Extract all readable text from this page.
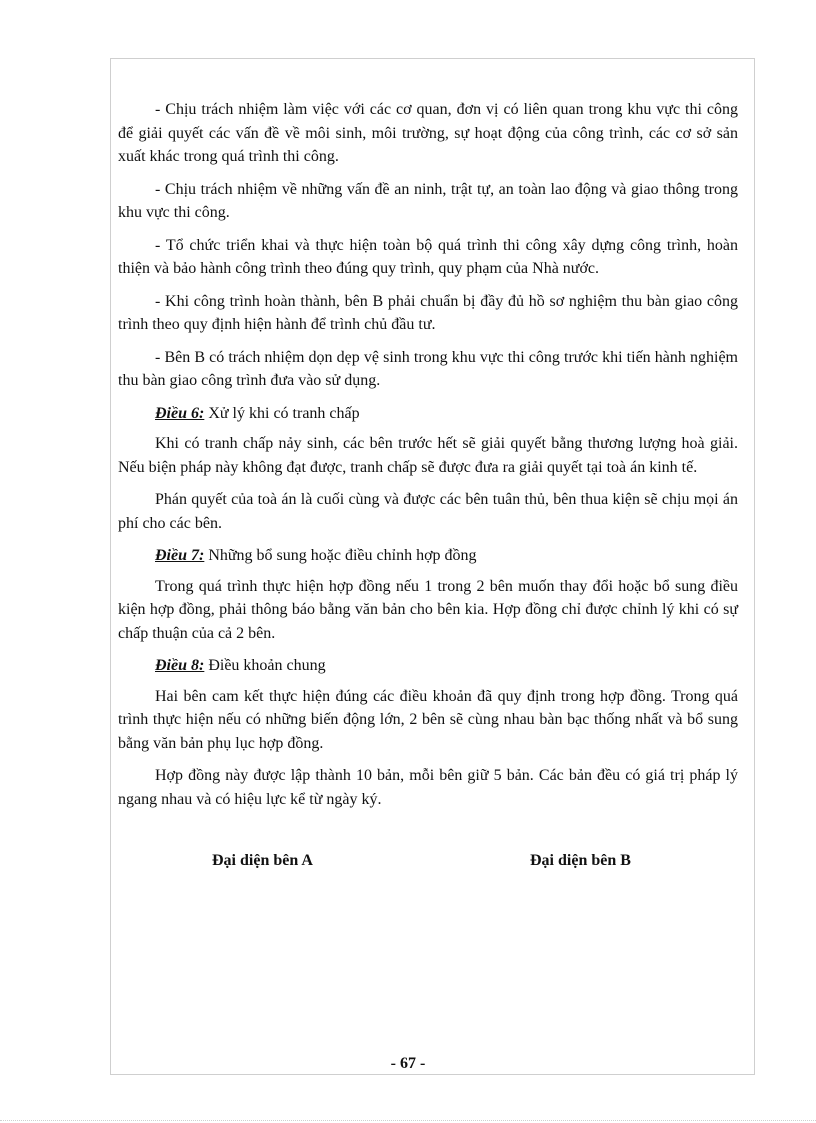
- Chịu trách nhiệm làm việc với các cơ quan, đơn vị có liên quan trong khu vực thi công để giải quyết các vấn đề về môi sinh, môi trường, sự hoạt động của công trình, các cơ sở sản xuất khác trong quá trình thi công.

- Chịu trách nhiệm về những vấn đề an ninh, trật tự, an toàn lao động và giao thông trong khu vực thi công.

- Tổ chức triển khai và thực hiện toàn bộ quá trình thi công xây dựng công trình, hoàn thiện và bảo hành công trình theo đúng quy trình, quy phạm của Nhà nước.

- Khi công trình hoàn thành, bên B phải chuẩn bị đầy đủ hồ sơ nghiệm thu bàn giao công trình theo quy định hiện hành để trình chủ đầu tư.

- Bên B có trách nhiệm dọn dẹp vệ sinh trong khu vực thi công trước khi tiến hành nghiệm thu bàn giao công trình đưa vào sử dụng.

Điều 6: Xử lý khi có tranh chấp

Khi có tranh chấp nảy sinh, các bên trước hết sẽ giải quyết bằng thương lượng hoà giải. Nếu biện pháp này không đạt được, tranh chấp sẽ được đưa ra giải quyết tại toà án kinh tế.

Phán quyết của toà án là cuối cùng và được các bên tuân thủ, bên thua kiện sẽ chịu mọi án phí cho các bên.

Điều 7: Những bổ sung hoặc điều chỉnh hợp đồng

Trong quá trình thực hiện hợp đồng nếu 1 trong 2 bên muốn thay đổi hoặc bổ sung điều kiện hợp đồng, phải thông báo bằng văn bản cho bên kia. Hợp đồng chỉ được chỉnh lý khi có sự chấp thuận của cả 2 bên.

Điều 8: Điều khoản chung

Hai bên cam kết thực hiện đúng các điều khoản đã quy định trong hợp đồng. Trong quá trình thực hiện nếu có những biến động lớn, 2 bên sẽ cùng nhau bàn bạc thống nhất và bổ sung bằng văn bản phụ lục hợp đồng.

Hợp đồng này được lập thành 10 bản, mỗi bên giữ 5 bản. Các bản đều có giá trị pháp lý ngang nhau và có hiệu lực kể từ ngày ký.

Đại diện bên A	Đại diện bên B
- 67 -
